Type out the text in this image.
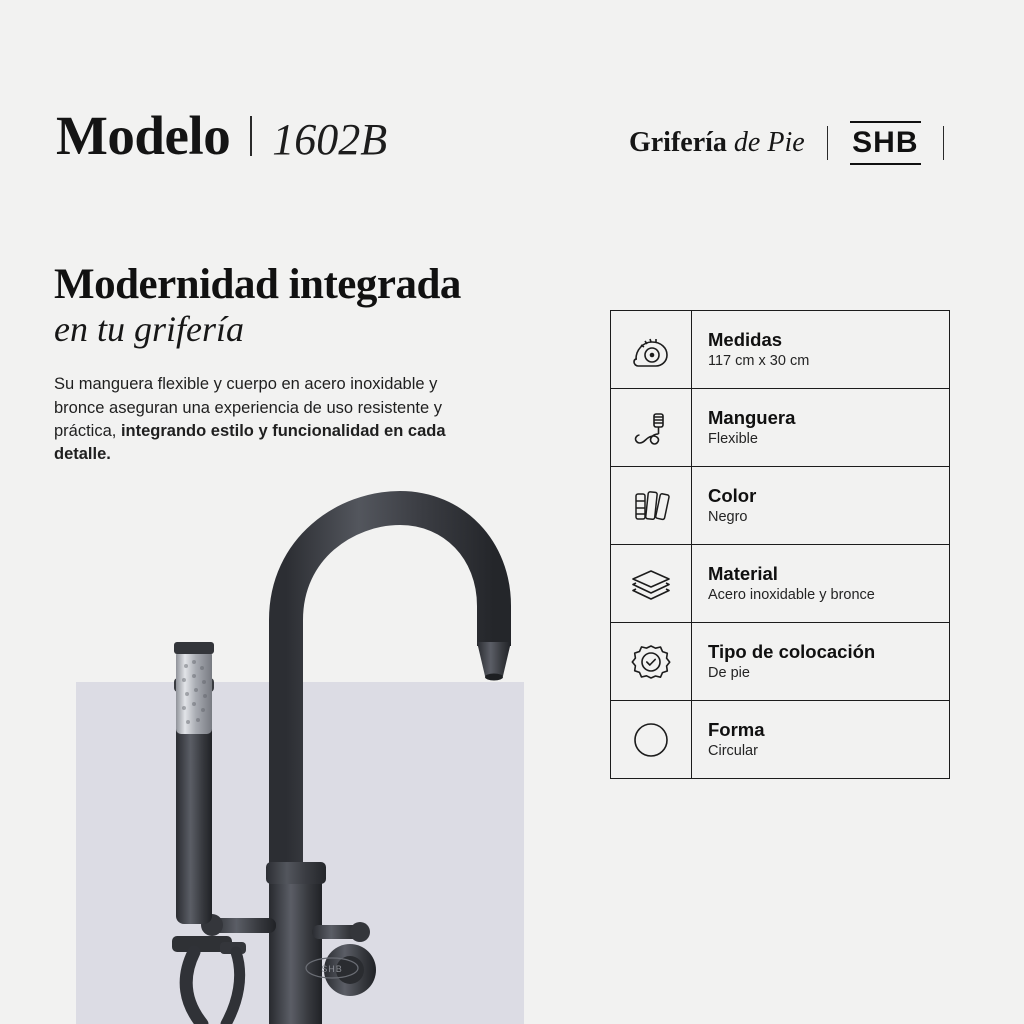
Modelo 1602B	Grifería de Pie SHB
Modernidad integrada
en tu grifería

Su manguera flexible y cuerpo en acero inoxidable y bronce aseguran una experiencia de uso resistente y práctica, integrando estilo y funcionalidad en cada detalle.

Medidas
117 cm x 30 cm
Manguera
Flexible
Color
Negro
Material
Acero inoxidable y bronce
Tipo de colocación
De pie
Forma
Circular
SHB
